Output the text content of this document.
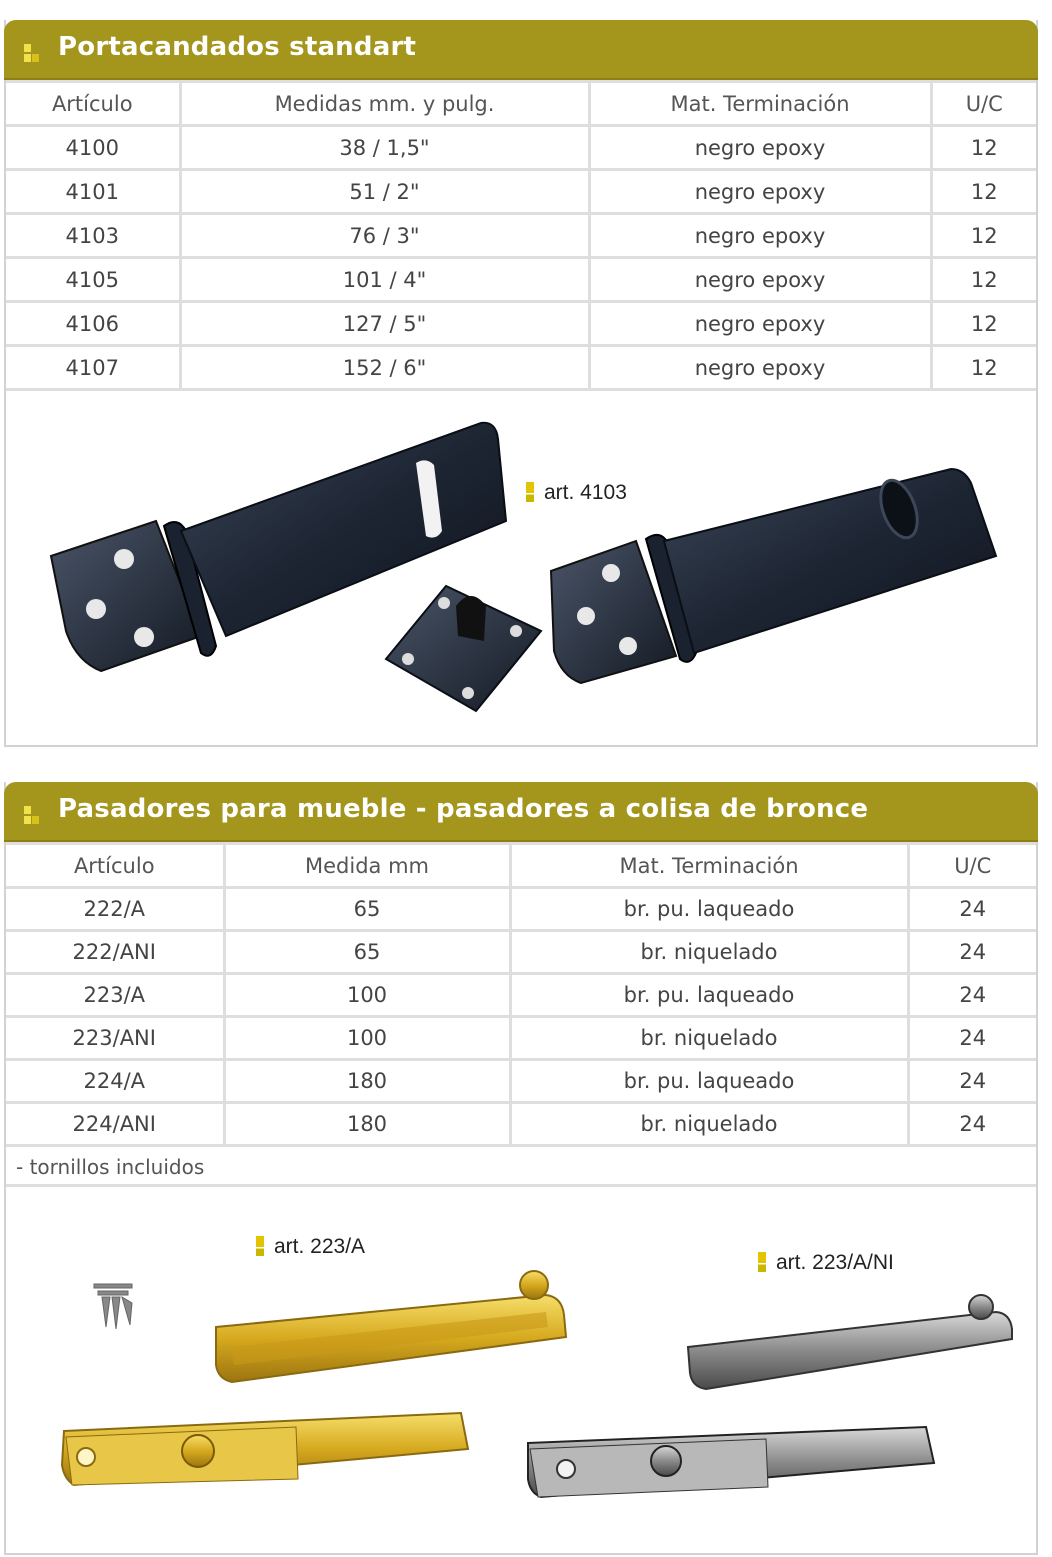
Portacandados standart
Artículo	Medidas mm. y pulg.	Mat. Terminación	U/C
4100	38 / 1,5"	negro epoxy	12
4101	51 / 2"	negro epoxy	12
4103	76 / 3"	negro epoxy	12
4105	101 / 4"	negro epoxy	12
4106	127 / 5"	negro epoxy	12
4107	152 / 6"	negro epoxy	12
art. 4103
Pasadores para mueble - pasadores a colisa de bronce
Artículo	Medida mm	Mat. Terminación	U/C
222/A	65	br. pu. laqueado	24
222/ANI	65	br. niquelado	24
223/A	100	br. pu. laqueado	24
223/ANI	100	br. niquelado	24
224/A	180	br. pu. laqueado	24
224/ANI	180	br. niquelado	24
- tornillos incluidos
art. 223/A
art. 223/A/NI
